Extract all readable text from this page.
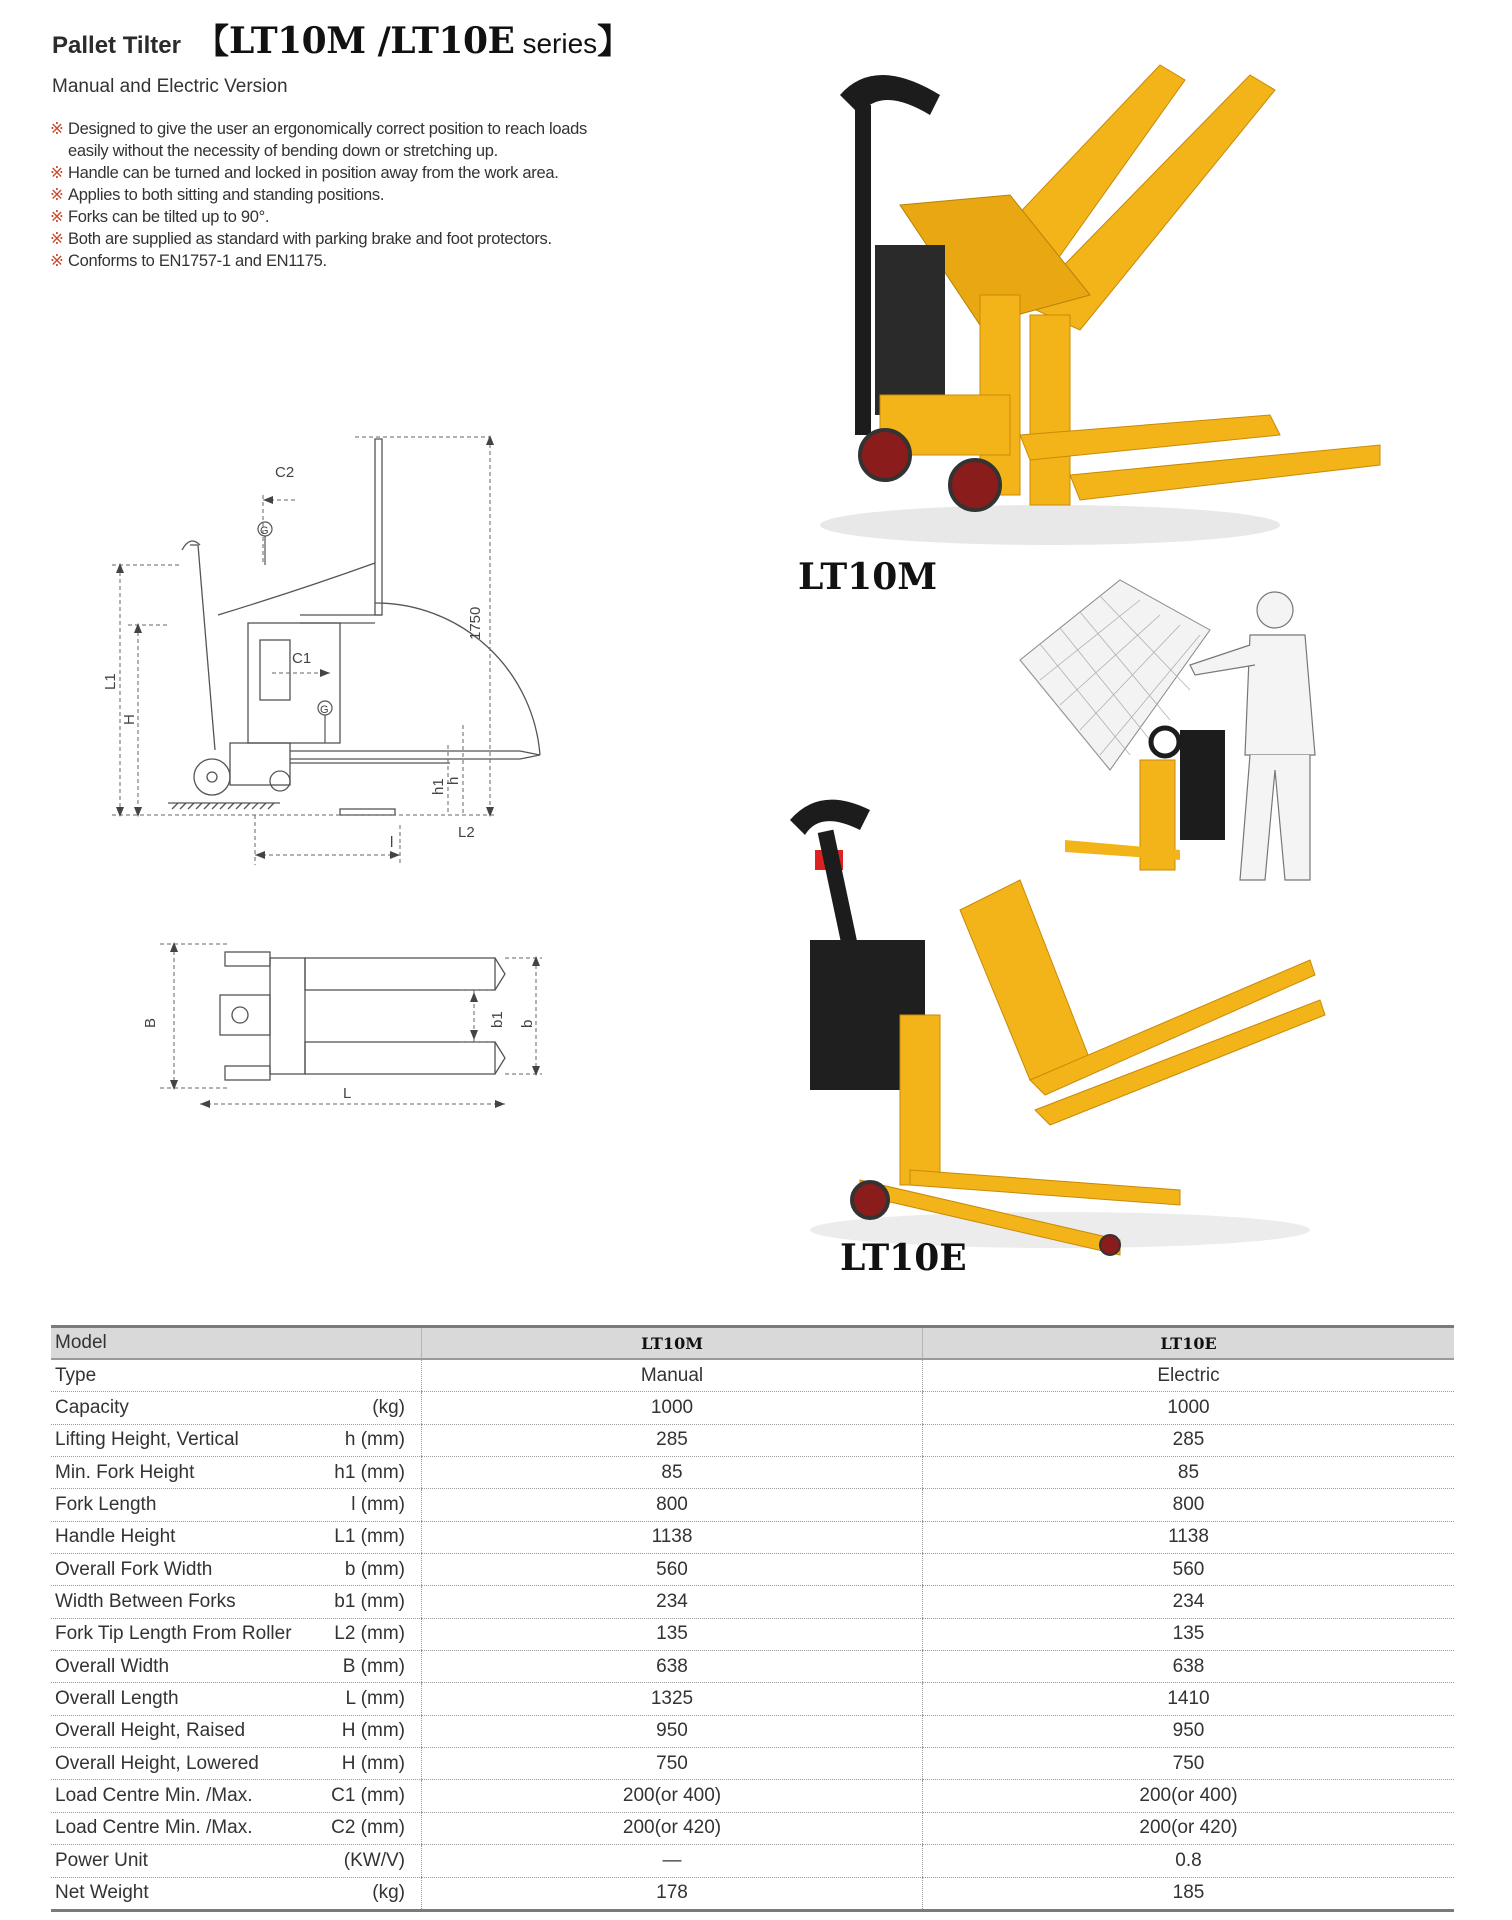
Pallet Tilter 【 LT10M /LT10E series 】
Manual and Electric Version
※ Designed to give the user an ergonomically correct position to reach loads easily without the necessity of bending down or stretching up.
※ Handle can be turned and locked in position away from the work area.
※ Applies to both sitting and standing positions.
※ Forks can be tilted up to 90°.
※ Both are supplied as standard with parking brake and foot protectors.
※ Conforms to EN1757-1 and EN1175.
C2
C1
G
G
1750
L1
H
h1
h
l
L2
B	b1 b
L
LT10M
LT10E
Model	LT10M	LT10E

Type	Manual	Electric

Capacity (kg)	1000	1000

Lifting Height, Vertical h (mm)	285	285

Min. Fork Height h1 (mm)	85	85

Fork Length l (mm)	800	800

Handle Height L1 (mm)	1138	1138

Overall Fork Width b (mm)	560	560

Width Between Forks b1 (mm)	234	234

Fork Tip Length From Roller L2 (mm)	135	135

Overall Width B (mm)	638	638

Overall Length L (mm)	1325	1410

Overall Height, Raised H (mm)	950	950

Overall Height, Lowered H (mm)	750	750

Load Centre Min. /Max. C1 (mm)	200(or 400)	200(or 400)

Load Centre Min. /Max. C2 (mm)	200(or 420)	200(or 420)

Power Unit (KW/V)	—	0.8

Net Weight (kg)	178	185
